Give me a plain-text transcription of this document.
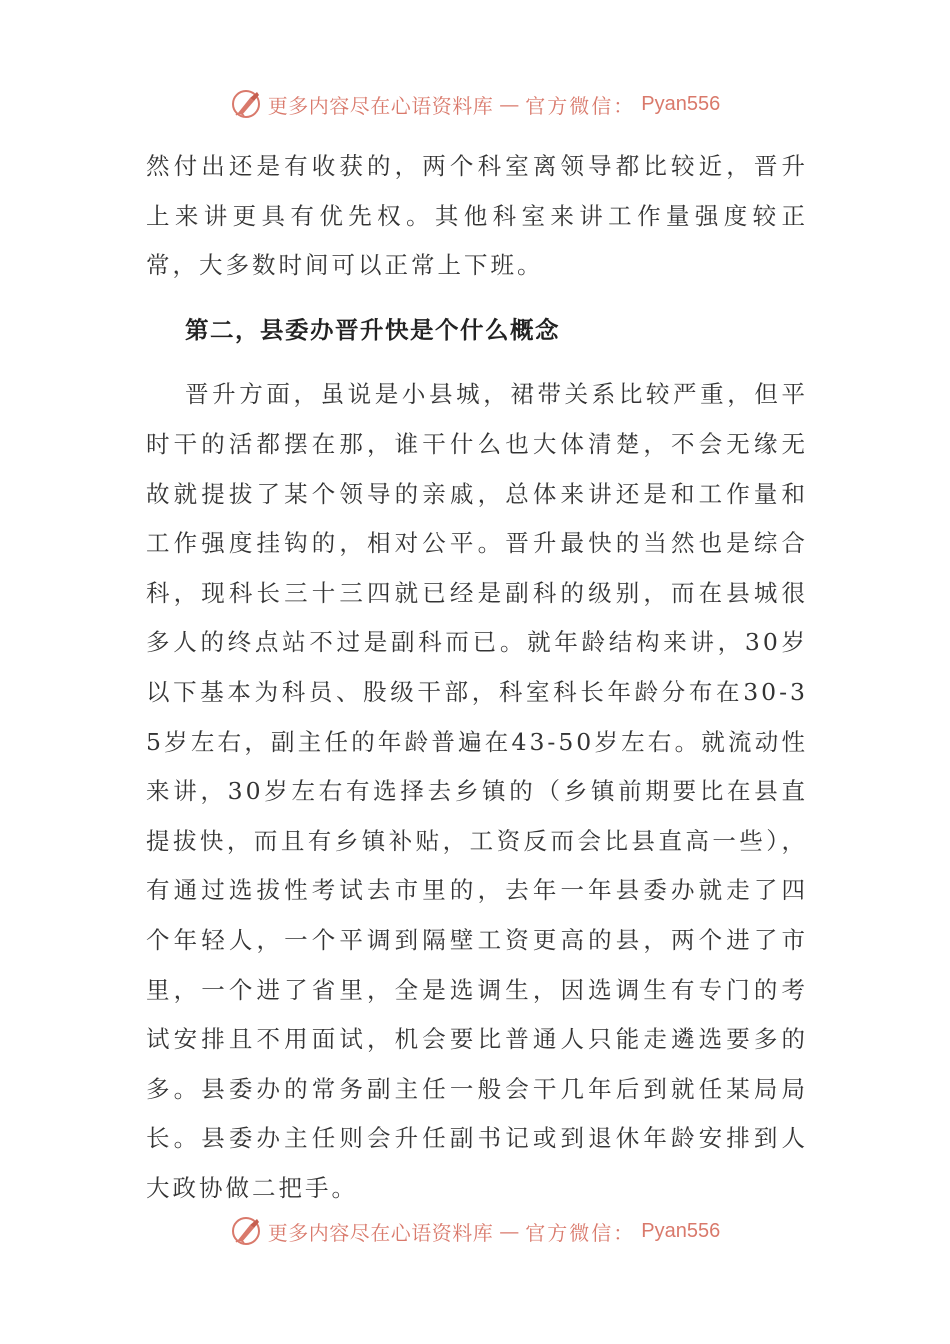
更多内容尽在心语资料库 — 官方微信： Pyan556

然付出还是有收获的，两个科室离领导都比较近，晋升上来讲更具有优先权。其他科室来讲工作量强度较正常，大多数时间可以正常上下班。

第二，县委办晋升快是个什么概念

晋升方面，虽说是小县城，裙带关系比较严重，但平时干的活都摆在那，谁干什么也大体清楚，不会无缘无故就提拔了某个领导的亲戚，总体来讲还是和工作量和工作强度挂钩的，相对公平。晋升最快的当然也是综合科，现科长三十三四就已经是副科的级别，而在县城很多人的终点站不过是副科而已。就年龄结构来讲，30岁以下基本为科员、股级干部，科室科长年龄分布在30-35岁左右，副主任的年龄普遍在43-50岁左右。就流动性来讲，30岁左右有选择去乡镇的（乡镇前期要比在县直提拔快，而且有乡镇补贴，工资反而会比县直高一些），有通过选拔性考试去市里的，去年一年县委办就走了四个年轻人，一个平调到隔壁工资更高的县，两个进了市里，一个进了省里，全是选调生，因选调生有专门的考试安排且不用面试，机会要比普通人只能走遴选要多的多。县委办的常务副主任一般会干几年后到就任某局局长。县委办主任则会升任副书记或到退休年龄安排到人大政协做二把手。

更多内容尽在心语资料库 — 官方微信： Pyan556
